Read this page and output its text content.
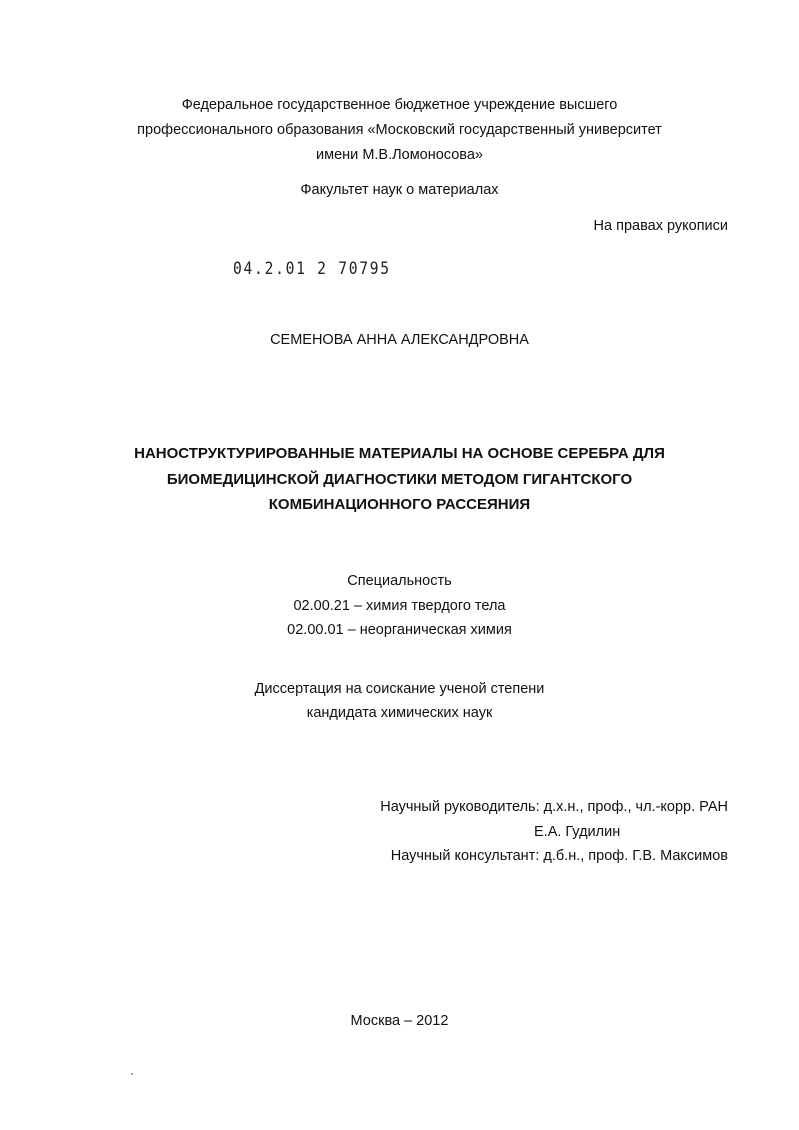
Федеральное государственное бюджетное учреждение высшего
профессионального образования «Московский государственный университет
имени М.В.Ломоносова»
Факультет наук о материалах
На правах рукописи
04.2.01 2 70795
СЕМЕНОВА АННА АЛЕКСАНДРОВНА
НАНОСТРУКТУРИРОВАННЫЕ МАТЕРИАЛЫ НА ОСНОВЕ СЕРЕБРА ДЛЯ
БИОМЕДИЦИНСКОЙ ДИАГНОСТИКИ МЕТОДОМ ГИГАНТСКОГО
КОМБИНАЦИОННОГО РАССЕЯНИЯ
Специальность
02.00.21 – химия твердого тела
02.00.01 – неорганическая химия
Диссертация на соискание ученой степени
кандидата химических наук
Научный руководитель: д.х.н., проф., чл.-корр. РАН
Е.А. Гудилин
Научный консультант: д.б.н., проф. Г.В. Максимов
Москва – 2012
